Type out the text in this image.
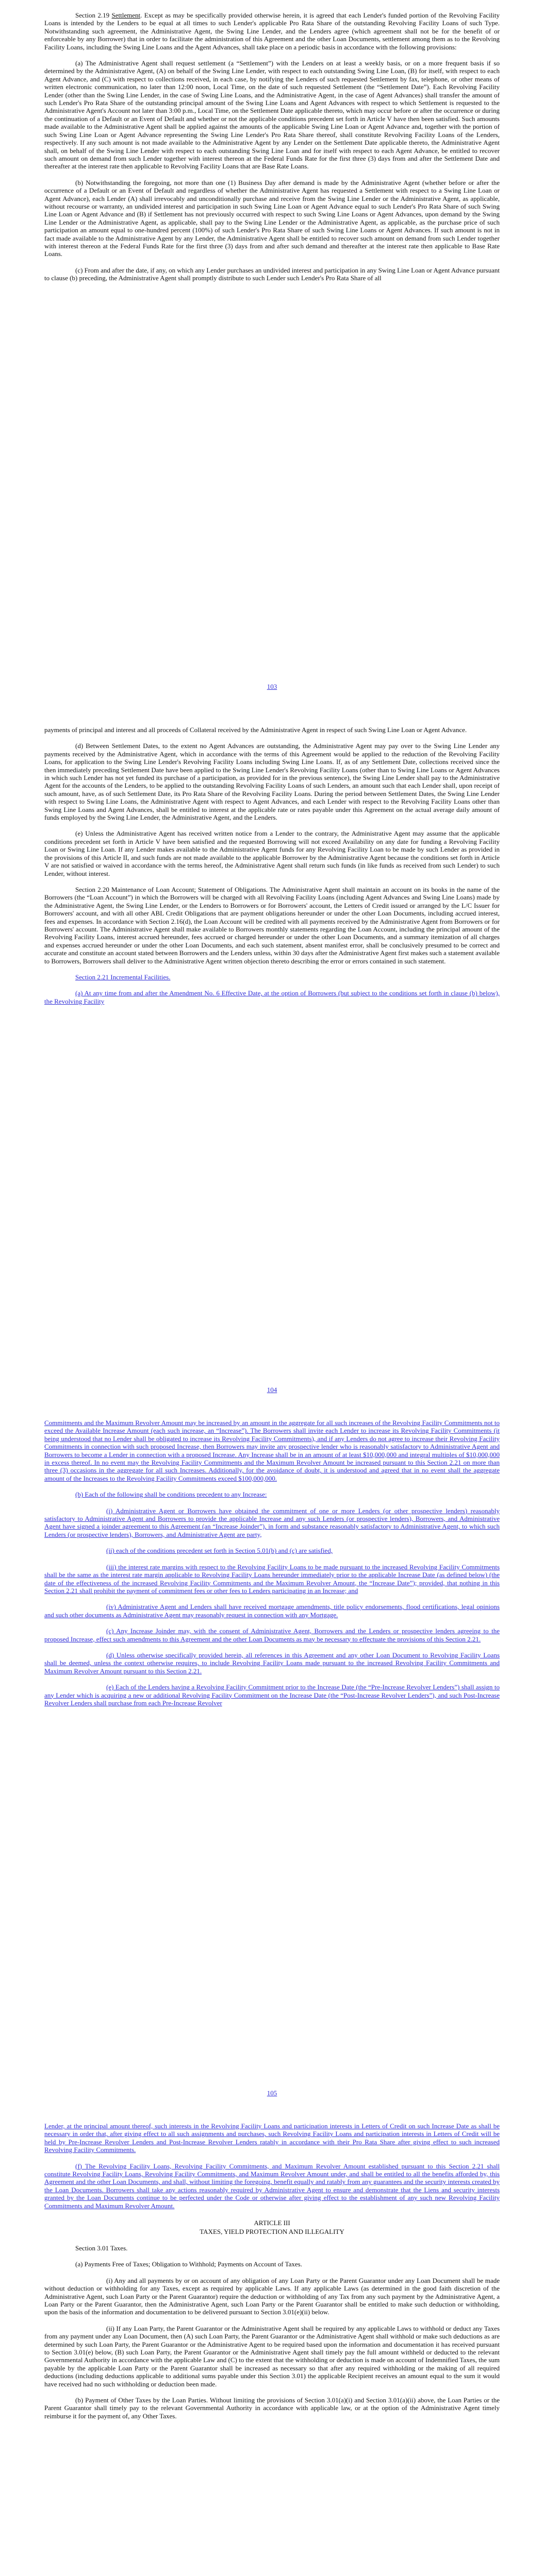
Section 2.19 Settlement. Except as may be specifically provided otherwise herein, it is agreed that each Lender's funded portion of the Revolving Facility Loans is intended by the Lenders to be equal at all times to such Lender's applicable Pro Rata Share of the outstanding Revolving Facility Loans of such Type. Notwithstanding such agreement, the Administrative Agent, the Swing Line Lender, and the Lenders agree (which agreement shall not be for the benefit of or enforceable by any Borrower) that in order to facilitate the administration of this Agreement and the other Loan Documents, settlement among them as to the Revolving Facility Loans, including the Swing Line Loans and the Agent Advances, shall take place on a periodic basis in accordance with the following provisions:

(a) The Administrative Agent shall request settlement (a “Settlement”) with the Lenders on at least a weekly basis, or on a more frequent basis if so determined by the Administrative Agent, (A) on behalf of the Swing Line Lender, with respect to each outstanding Swing Line Loan, (B) for itself, with respect to each Agent Advance, and (C) with respect to collections received, in each case, by notifying the Lenders of such requested Settlement by fax, telephone, or other means of written electronic communication, no later than 12:00 noon, Local Time, on the date of such requested Settlement (the “Settlement Date”). Each Revolving Facility Lender (other than the Swing Line Lender, in the case of Swing Line Loans, and the Administrative Agent, in the case of Agent Advances) shall transfer the amount of such Lender's Pro Rata Share of the outstanding principal amount of the Swing Line Loans and Agent Advances with respect to which Settlement is requested to the Administrative Agent's Account not later than 3:00 p.m., Local Time, on the Settlement Date applicable thereto, which may occur before or after the occurrence or during the continuation of a Default or an Event of Default and whether or not the applicable conditions precedent set forth in Article V have then been satisfied. Such amounts made available to the Administrative Agent shall be applied against the amounts of the applicable Swing Line Loan or Agent Advance and, together with the portion of such Swing Line Loan or Agent Advance representing the Swing Line Lender's Pro Rata Share thereof, shall constitute Revolving Facility Loans of the Lenders, respectively. If any such amount is not made available to the Administrative Agent by any Lender on the Settlement Date applicable thereto, the Administrative Agent shall, on behalf of the Swing Line Lender with respect to each outstanding Swing Line Loan and for itself with respect to each Agent Advance, be entitled to recover such amount on demand from such Lender together with interest thereon at the Federal Funds Rate for the first three (3) days from and after the Settlement Date and thereafter at the interest rate then applicable to Revolving Facility Loans that are Base Rate Loans.

(b) Notwithstanding the foregoing, not more than one (1) Business Day after demand is made by the Administrative Agent (whether before or after the occurrence of a Default or an Event of Default and regardless of whether the Administrative Agent has requested a Settlement with respect to a Swing Line Loan or Agent Advance), each Lender (A) shall irrevocably and unconditionally purchase and receive from the Swing Line Lender or the Administrative Agent, as applicable, without recourse or warranty, an undivided interest and participation in such Swing Line Loan or Agent Advance equal to such Lender's Pro Rata Share of such Swing Line Loan or Agent Advance and (B) if Settlement has not previously occurred with respect to such Swing Line Loans or Agent Advances, upon demand by the Swing Line Lender or the Administrative Agent, as applicable, shall pay to the Swing Line Lender or the Administrative Agent, as applicable, as the purchase price of such participation an amount equal to one-hundred percent (100%) of such Lender's Pro Rata Share of such Swing Line Loans or Agent Advances. If such amount is not in fact made available to the Administrative Agent by any Lender, the Administrative Agent shall be entitled to recover such amount on demand from such Lender together with interest thereon at the Federal Funds Rate for the first three (3) days from and after such demand and thereafter at the interest rate then applicable to Base Rate Loans.

(c) From and after the date, if any, on which any Lender purchases an undivided interest and participation in any Swing Line Loan or Agent Advance pursuant to clause (b) preceding, the Administrative Agent shall promptly distribute to such Lender such Lender's Pro Rata Share of all

103

payments of principal and interest and all proceeds of Collateral received by the Administrative Agent in respect of such Swing Line Loan or Agent Advance.

(d) Between Settlement Dates, to the extent no Agent Advances are outstanding, the Administrative Agent may pay over to the Swing Line Lender any payments received by the Administrative Agent, which in accordance with the terms of this Agreement would be applied to the reduction of the Revolving Facility Loans, for application to the Swing Line Lender's Revolving Facility Loans including Swing Line Loans. If, as of any Settlement Date, collections received since the then immediately preceding Settlement Date have been applied to the Swing Line Lender's Revolving Facility Loans (other than to Swing Line Loans or Agent Advances in which such Lender has not yet funded its purchase of a participation, as provided for in the previous sentence), the Swing Line Lender shall pay to the Administrative Agent for the accounts of the Lenders, to be applied to the outstanding Revolving Facility Loans of such Lenders, an amount such that each Lender shall, upon receipt of such amount, have, as of such Settlement Date, its Pro Rata Share of the Revolving Facility Loans. During the period between Settlement Dates, the Swing Line Lender with respect to Swing Line Loans, the Administrative Agent with respect to Agent Advances, and each Lender with respect to the Revolving Facility Loans other than Swing Line Loans and Agent Advances, shall be entitled to interest at the applicable rate or rates payable under this Agreement on the actual average daily amount of funds employed by the Swing Line Lender, the Administrative Agent, and the Lenders.

(e) Unless the Administrative Agent has received written notice from a Lender to the contrary, the Administrative Agent may assume that the applicable conditions precedent set forth in Article V have been satisfied and the requested Borrowing will not exceed Availability on any date for funding a Revolving Facility Loan or Swing Line Loan. If any Lender makes available to the Administrative Agent funds for any Revolving Facility Loan to be made by such Lender as provided in the provisions of this Article II, and such funds are not made available to the applicable Borrower by the Administrative Agent because the conditions set forth in Article V are not satisfied or waived in accordance with the terms hereof, the Administrative Agent shall return such funds (in like funds as received from such Lender) to such Lender, without interest.

Section 2.20 Maintenance of Loan Account; Statement of Obligations. The Administrative Agent shall maintain an account on its books in the name of the Borrowers (the “Loan Account”) in which the Borrowers will be charged with all Revolving Facility Loans (including Agent Advances and Swing Line Loans) made by the Administrative Agent, the Swing Line Lender, or the Lenders to Borrowers or for Borrowers' account, the Letters of Credit issued or arranged by the L/C Issuer for Borrowers' account, and with all other ABL Credit Obligations that are payment obligations hereunder or under the other Loan Documents, including accrued interest, fees and expenses. In accordance with Section 2.16(d), the Loan Account will be credited with all payments received by the Administrative Agent from Borrowers or for Borrowers' account. The Administrative Agent shall make available to Borrowers monthly statements regarding the Loan Account, including the principal amount of the Revolving Facility Loans, interest accrued hereunder, fees accrued or charged hereunder or under the other Loan Documents, and a summary itemization of all charges and expenses accrued hereunder or under the other Loan Documents, and each such statement, absent manifest error, shall be conclusively presumed to be correct and accurate and constitute an account stated between Borrowers and the Lenders unless, within 30 days after the Administrative Agent first makes such a statement available to Borrowers, Borrowers shall deliver to the Administrative Agent written objection thereto describing the error or errors contained in such statement.

Section 2.21 Incremental Facilities.

(a) At any time from and after the Amendment No. 6 Effective Date, at the option of Borrowers (but subject to the conditions set forth in clause (b) below), the Revolving Facility

104

Commitments and the Maximum Revolver Amount may be increased by an amount in the aggregate for all such increases of the Revolving Facility Commitments not to exceed the Available Increase Amount (each such increase, an “Increase”). The Borrowers shall invite each Lender to increase its Revolving Facility Commitments (it being understood that no Lender shall be obligated to increase its Revolving Facility Commitments), and if any Lenders do not agree to increase their Revolving Facility Commitments in connection with such proposed Increase, then Borrowers may invite any prospective lender who is reasonably satisfactory to Administrative Agent and Borrowers to become a Lender in connection with a proposed Increase. Any Increase shall be in an amount of at least $10,000,000 and integral multiples of $10,000,000 in excess thereof. In no event may the Revolving Facility Commitments and the Maximum Revolver Amount be increased pursuant to this Section 2.21 on more than three (3) occasions in the aggregate for all such Increases. Additionally, for the avoidance of doubt, it is understood and agreed that in no event shall the aggregate amount of the Increases to the Revolving Facility Commitments exceed $100,000,000.

(b) Each of the following shall be conditions precedent to any Increase:

(i) Administrative Agent or Borrowers have obtained the commitment of one or more Lenders (or other prospective lenders) reasonably satisfactory to Administrative Agent and Borrowers to provide the applicable Increase and any such Lenders (or prospective lenders), Borrowers, and Administrative Agent have signed a joinder agreement to this Agreement (an “Increase Joinder”), in form and substance reasonably satisfactory to Administrative Agent, to which such Lenders (or prospective lenders), Borrowers, and Administrative Agent are party,

(ii) each of the conditions precedent set forth in Section 5.01(b) and (c) are satisfied,

(iii) the interest rate margins with respect to the Revolving Facility Loans to be made pursuant to the increased Revolving Facility Commitments shall be the same as the interest rate margin applicable to Revolving Facility Loans hereunder immediately prior to the applicable Increase Date (as defined below) (the date of the effectiveness of the increased Revolving Facility Commitments and the Maximum Revolver Amount, the “Increase Date”); provided, that nothing in this Section 2.21 shall prohibit the payment of commitment fees or other fees to Lenders participating in an Increase; and

(iv) Administrative Agent and Lenders shall have received mortgage amendments, title policy endorsements, flood certifications, legal opinions and such other documents as Administrative Agent may reasonably request in connection with any Mortgage.

(c) Any Increase Joinder may, with the consent of Administrative Agent, Borrowers and the Lenders or prospective lenders agreeing to the proposed Increase, effect such amendments to this Agreement and the other Loan Documents as may be necessary to effectuate the provisions of this Section 2.21.

(d) Unless otherwise specifically provided herein, all references in this Agreement and any other Loan Document to Revolving Facility Loans shall be deemed, unless the context otherwise requires, to include Revolving Facility Loans made pursuant to the increased Revolving Facility Commitments and Maximum Revolver Amount pursuant to this Section 2.21.

(e) Each of the Lenders having a Revolving Facility Commitment prior to the Increase Date (the “Pre-Increase Revolver Lenders”) shall assign to any Lender which is acquiring a new or additional Revolving Facility Commitment on the Increase Date (the “Post-Increase Revolver Lenders”), and such Post-Increase Revolver Lenders shall purchase from each Pre-Increase Revolver

105

Lender, at the principal amount thereof, such interests in the Revolving Facility Loans and participation interests in Letters of Credit on such Increase Date as shall be necessary in order that, after giving effect to all such assignments and purchases, such Revolving Facility Loans and participation interests in Letters of Credit will be held by Pre-Increase Revolver Lenders and Post-Increase Revolver Lenders ratably in accordance with their Pro Rata Share after giving effect to such increased Revolving Facility Commitments.

(f) The Revolving Facility Loans, Revolving Facility Commitments, and Maximum Revolver Amount established pursuant to this Section 2.21 shall constitute Revolving Facility Loans, Revolving Facility Commitments, and Maximum Revolver Amount under, and shall be entitled to all the benefits afforded by, this Agreement and the other Loan Documents, and shall, without limiting the foregoing, benefit equally and ratably from any guarantees and the security interests created by the Loan Documents. Borrowers shall take any actions reasonably required by Administrative Agent to ensure and demonstrate that the Liens and security interests granted by the Loan Documents continue to be perfected under the Code or otherwise after giving effect to the establishment of any such new Revolving Facility Commitments and Maximum Revolver Amount.

ARTICLE III
TAXES, YIELD PROTECTION AND ILLEGALITY

Section 3.01 Taxes.

(a) Payments Free of Taxes; Obligation to Withhold; Payments on Account of Taxes.

(i) Any and all payments by or on account of any obligation of any Loan Party or the Parent Guarantor under any Loan Document shall be made without deduction or withholding for any Taxes, except as required by applicable Laws. If any applicable Laws (as determined in the good faith discretion of the Administrative Agent, such Loan Party or the Parent Guarantor) require the deduction or withholding of any Tax from any such payment by the Administrative Agent, a Loan Party or the Parent Guarantor, then the Administrative Agent, such Loan Party or the Parent Guarantor shall be entitled to make such deduction or withholding, upon the basis of the information and documentation to be delivered pursuant to Section 3.01(e)(ii) below.

(ii) If any Loan Party, the Parent Guarantor or the Administrative Agent shall be required by any applicable Laws to withhold or deduct any Taxes from any payment under any Loan Document, then (A) such Loan Party, the Parent Guarantor or the Administrative Agent shall withhold or make such deductions as are determined by such Loan Party, the Parent Guarantor or the Administrative Agent to be required based upon the information and documentation it has received pursuant to Section 3.01(e) below, (B) such Loan Party, the Parent Guarantor or the Administrative Agent shall timely pay the full amount withheld or deducted to the relevant Governmental Authority in accordance with the applicable Law and (C) to the extent that the withholding or deduction is made on account of Indemnified Taxes, the sum payable by the applicable Loan Party or the Parent Guarantor shall be increased as necessary so that after any required withholding or the making of all required deductions (including deductions applicable to additional sums payable under this Section 3.01) the applicable Recipient receives an amount equal to the sum it would have received had no such withholding or deduction been made.

(b) Payment of Other Taxes by the Loan Parties. Without limiting the provisions of Section 3.01(a)(i) and Section 3.01(a)(ii) above, the Loan Parties or the Parent Guarantor shall timely pay to the relevant Governmental Authority in accordance with applicable law, or at the option of the Administrative Agent timely reimburse it for the payment of, any Other Taxes.
